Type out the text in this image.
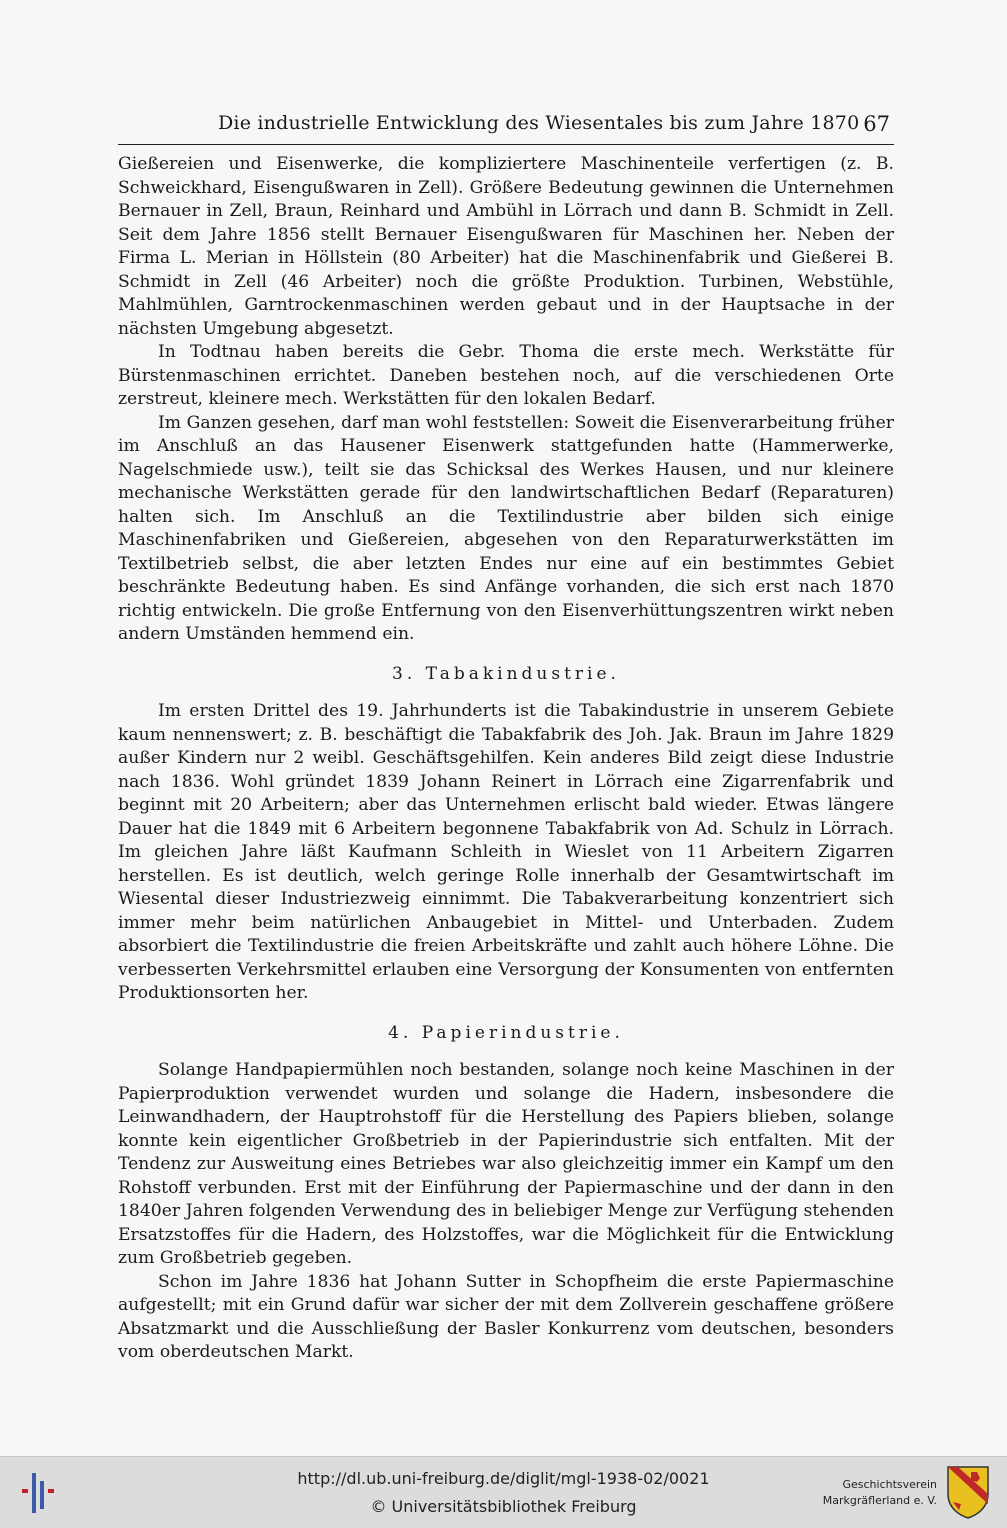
Die industrielle Entwicklung des Wiesentales bis zum Jahre 1870 67

Gießereien und Eisenwerke, die kompliziertere Maschinenteile verfertigen (z. B. Schweickhard, Eisengußwaren in Zell). Größere Bedeutung gewinnen die Unternehmen Bernauer in Zell, Braun, Reinhard und Ambühl in Lörrach und dann B. Schmidt in Zell. Seit dem Jahre 1856 stellt Bernauer Eisengußwaren für Maschinen her. Neben der Firma L. Merian in Höllstein (80 Arbeiter) hat die Maschinenfabrik und Gießerei B. Schmidt in Zell (46 Arbeiter) noch die größte Produktion. Turbinen, Webstühle, Mahlmühlen, Garntrockenmaschinen werden gebaut und in der Hauptsache in der nächsten Umgebung abgesetzt.

In Todtnau haben bereits die Gebr. Thoma die erste mech. Werkstätte für Bürstenmaschinen errichtet. Daneben bestehen noch, auf die verschiedenen Orte zerstreut, kleinere mech. Werkstätten für den lokalen Bedarf.

Im Ganzen gesehen, darf man wohl feststellen: Soweit die Eisenverarbeitung früher im Anschluß an das Hausener Eisenwerk stattgefunden hatte (Hammerwerke, Nagelschmiede usw.), teilt sie das Schicksal des Werkes Hausen, und nur kleinere mechanische Werkstätten gerade für den landwirtschaftlichen Bedarf (Reparaturen) halten sich. Im Anschluß an die Textilindustrie aber bilden sich einige Maschinenfabriken und Gießereien, abgesehen von den Reparaturwerkstätten im Textilbetrieb selbst, die aber letzten Endes nur eine auf ein bestimmtes Gebiet beschränkte Bedeutung haben. Es sind Anfänge vorhanden, die sich erst nach 1870 richtig entwickeln. Die große Entfernung von den Eisenverhüttungszentren wirkt neben andern Umständen hemmend ein.

3. Tabakindustrie.

Im ersten Drittel des 19. Jahrhunderts ist die Tabakindustrie in unserem Gebiete kaum nennenswert; z. B. beschäftigt die Tabakfabrik des Joh. Jak. Braun im Jahre 1829 außer Kindern nur 2 weibl. Geschäftsgehilfen. Kein anderes Bild zeigt diese Industrie nach 1836. Wohl gründet 1839 Johann Reinert in Lörrach eine Zigarrenfabrik und beginnt mit 20 Arbeitern; aber das Unternehmen erlischt bald wieder. Etwas längere Dauer hat die 1849 mit 6 Arbeitern begonnene Tabakfabrik von Ad. Schulz in Lörrach. Im gleichen Jahre läßt Kaufmann Schleith in Wieslet von 11 Arbeitern Zigarren herstellen. Es ist deutlich, welch geringe Rolle innerhalb der Gesamtwirtschaft im Wiesental dieser Industriezweig einnimmt. Die Tabakverarbeitung konzentriert sich immer mehr beim natürlichen Anbaugebiet in Mittel- und Unterbaden. Zudem absorbiert die Textilindustrie die freien Arbeitskräfte und zahlt auch höhere Löhne. Die verbesserten Verkehrsmittel erlauben eine Versorgung der Konsumenten von entfernten Produktionsorten her.

4. Papierindustrie.

Solange Handpapiermühlen noch bestanden, solange noch keine Maschinen in der Papierproduktion verwendet wurden und solange die Hadern, insbesondere die Leinwandhadern, der Hauptrohstoff für die Herstellung des Papiers blieben, solange konnte kein eigentlicher Großbetrieb in der Papierindustrie sich entfalten. Mit der Tendenz zur Ausweitung eines Betriebes war also gleichzeitig immer ein Kampf um den Rohstoff verbunden. Erst mit der Einführung der Papiermaschine und der dann in den 1840er Jahren folgenden Verwendung des in beliebiger Menge zur Verfügung stehenden Ersatzstoffes für die Hadern, des Holzstoffes, war die Möglichkeit für die Entwicklung zum Großbetrieb gegeben.

Schon im Jahre 1836 hat Johann Sutter in Schopfheim die erste Papiermaschine aufgestellt; mit ein Grund dafür war sicher der mit dem Zollverein geschaffene größere Absatzmarkt und die Ausschließung der Basler Konkurrenz vom deutschen, besonders vom oberdeutschen Markt.

http://dl.ub.uni-freiburg.de/diglit/mgl-1938-02/0021
© Universitätsbibliothek Freiburg
Geschichtsverein
Markgräflerland e. V.
